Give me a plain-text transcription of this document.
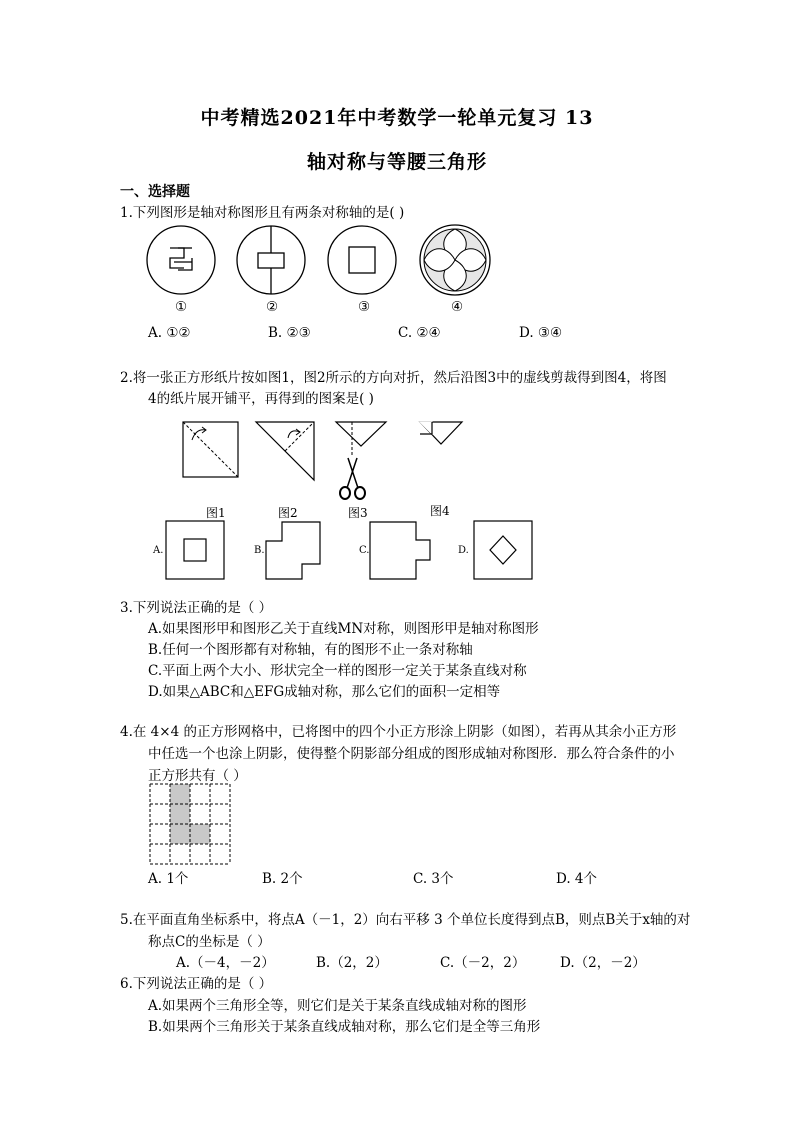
中考精选2021年中考数学一轮单元复习 13
轴对称与等腰三角形
一、选择题
1.下列图形是轴对称图形且有两条对称轴的是( )
①	②	③	④
A. ①②	B. ②③	C. ②④	D. ③④
2.将一张正方形纸片按如图1，图2所示的方向对折，然后沿图3中的虚线剪裁得到图4，将图
4的纸片展开铺平，再得到的图案是( )
图1	图2	图3	图4
A.	B.	C.	D.
3.下列说法正确的是（ ）
A.如果图形甲和图形乙关于直线MN对称，则图形甲是轴对称图形
B.任何一个图形都有对称轴，有的图形不止一条对称轴
C.平面上两个大小、形状完全一样的图形一定关于某条直线对称
D.如果△ABC和△EFG成轴对称，那么它们的面积一定相等
4.在 4×4 的正方形网格中，已将图中的四个小正方形涂上阴影（如图），若再从其余小正方形
中任选一个也涂上阴影，使得整个阴影部分组成的图形成轴对称图形．那么符合条件的小
正方形共有（ ）
A. 1个	B. 2个	C. 3个	D. 4个
5.在平面直角坐标系中，将点A（－1，2）向右平移 3 个单位长度得到点B，则点B关于x轴的对
称点C的坐标是（ ）
A.（－4，－2）	B.（2，2）	C.（－2，2）	D.（2，－2）
6.下列说法正确的是（ ）
A.如果两个三角形全等，则它们是关于某条直线成轴对称的图形
B.如果两个三角形关于某条直线成轴对称，那么它们是全等三角形
